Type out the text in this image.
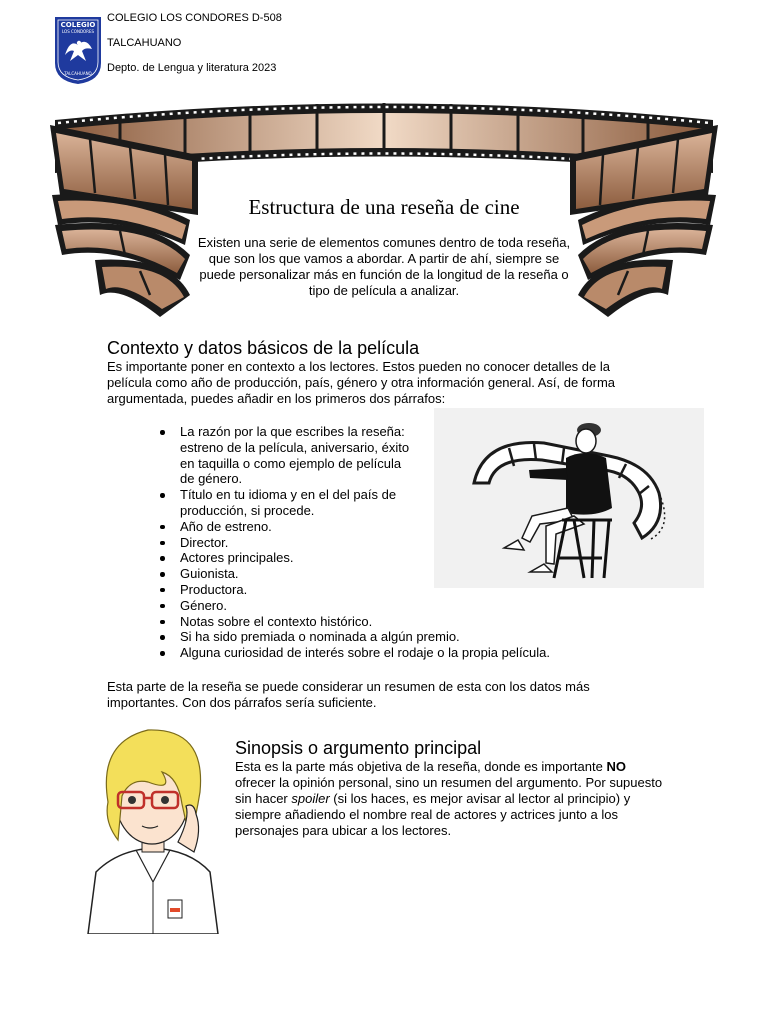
COLEGIO
LOS CONDORES
TALCAHUANO
COLEGIO LOS CONDORES D-508
TALCAHUANO
Depto. de Lengua y literatura 2023
Estructura de una reseña de cine
Existen una serie de elementos comunes dentro de toda reseña, que son los que vamos a abordar. A partir de ahí, siempre se puede personalizar más en función de la longitud de la reseña o tipo de película a analizar.
Contexto y datos básicos de la película

Es importante poner en contexto a los lectores. Estos pueden no conocer detalles de la película como año de producción, país, género y otra información general. Así, de forma argumentada, puedes añadir en los primeros dos párrafos:

La razón por la que escribes la reseña: estreno de la película, aniversario, éxito en taquilla o como ejemplo de película de género.
Título en tu idioma y en el del país de producción, si procede.
Año de estreno.
Director.
Actores principales.
Guionista.
Productora.
Género.
Notas sobre el contexto histórico.
Si ha sido premiada o nominada a algún premio.
Alguna curiosidad de interés sobre el rodaje o la propia película.

Esta parte de la reseña se puede considerar un resumen de esta con los datos más importantes. Con dos párrafos sería suficiente.

Sinopsis o argumento principal

Esta es la parte más objetiva de la reseña, donde es importante NO ofrecer la opinión personal, sino un resumen del argumento. Por supuesto sin hacer spoiler (si los haces, es mejor avisar al lector al principio) y siempre añadiendo el nombre real de actores y actrices junto a los personajes para ubicar a los lectores.
